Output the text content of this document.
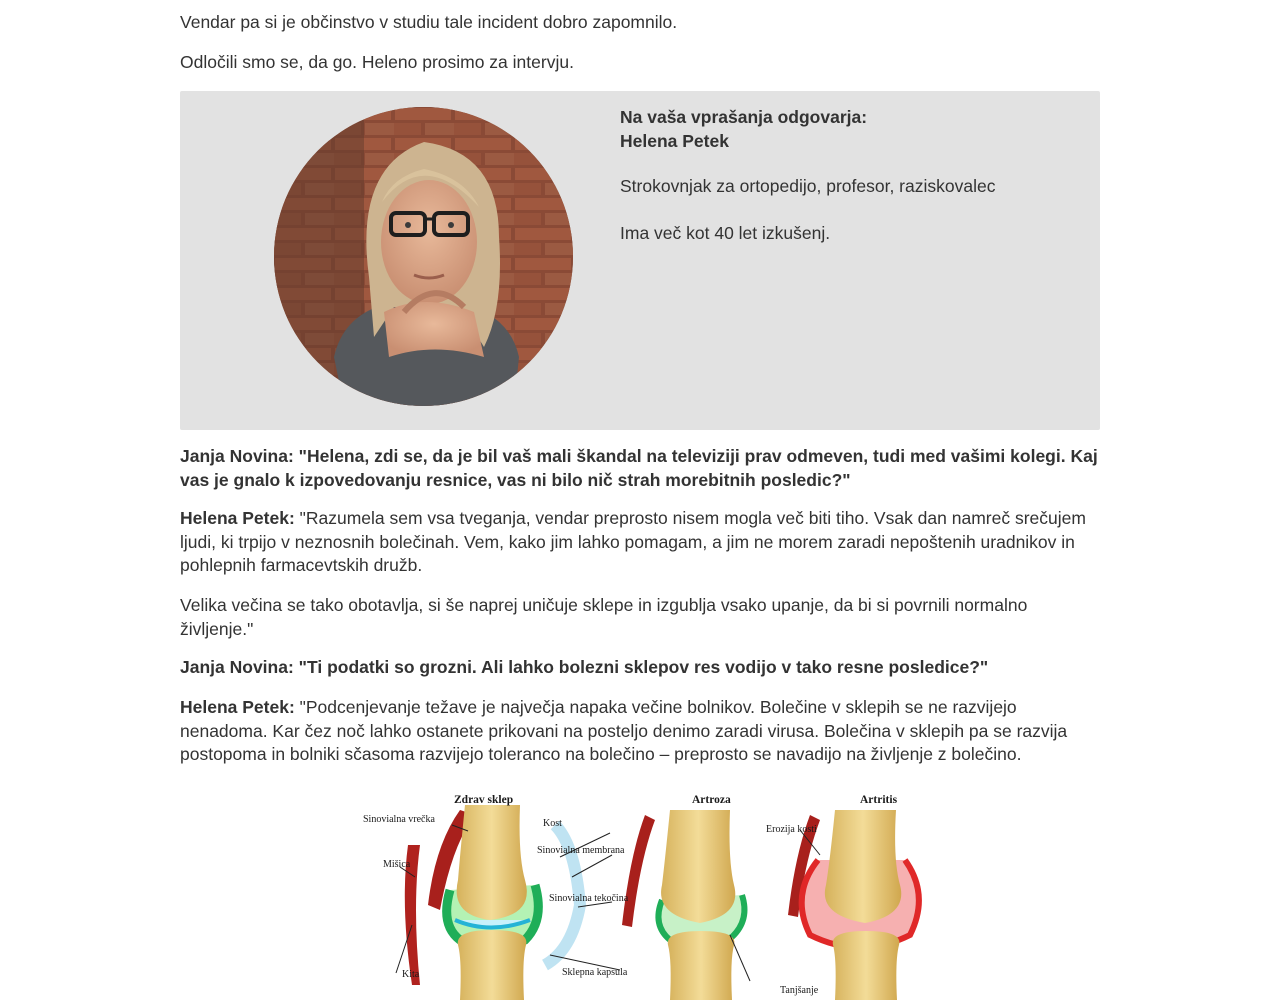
Vendar pa si je občinstvo v studiu tale incident dobro zapomnilo.

Odločili smo se, da go. Heleno prosimo za intervju.

Na vaša vprašanja odgovarja:
Helena Petek
Strokovnjak za ortopedijo, profesor, raziskovalec
Ima več kot 40 let izkušenj.

Janja Novina: "Helena, zdi se, da je bil vaš mali škandal na televiziji prav odmeven, tudi med vašimi kolegi. Kaj vas je gnalo k izpovedovanju resnice, vas ni bilo nič strah morebitnih posledic?"

Helena Petek: "Razumela sem vsa tveganja, vendar preprosto nisem mogla več biti tiho. Vsak dan namreč srečujem ljudi, ki trpijo v neznosnih bolečinah. Vem, kako jim lahko pomagam, a jim ne morem zaradi nepoštenih uradnikov in pohlepnih farmacevtskih družb.

Velika večina se tako obotavlja, si še naprej uničuje sklepe in izgublja vsako upanje, da bi si povrnili normalno življenje."

Janja Novina: "Ti podatki so grozni. Ali lahko bolezni sklepov res vodijo v tako resne posledice?"

Helena Petek: "Podcenjevanje težave je največja napaka večine bolnikov. Bolečine v sklepih se ne razvijejo nenadoma. Kar čez noč lahko ostanete prikovani na posteljo denimo zaradi virusa. Bolečina v sklepih pa se razvija postopoma in bolniki sčasoma razvijejo toleranco na bolečino – preprosto se navadijo na življenje z bolečino.

Zdrav sklep	Artroza	Artritis
Sinovialna vrečka	Kost
Mišica
Sinovialna membrana
Sinovialna tekočina
Kita	Sklepna kapsula
Erozija kosti
Tanjšanje
